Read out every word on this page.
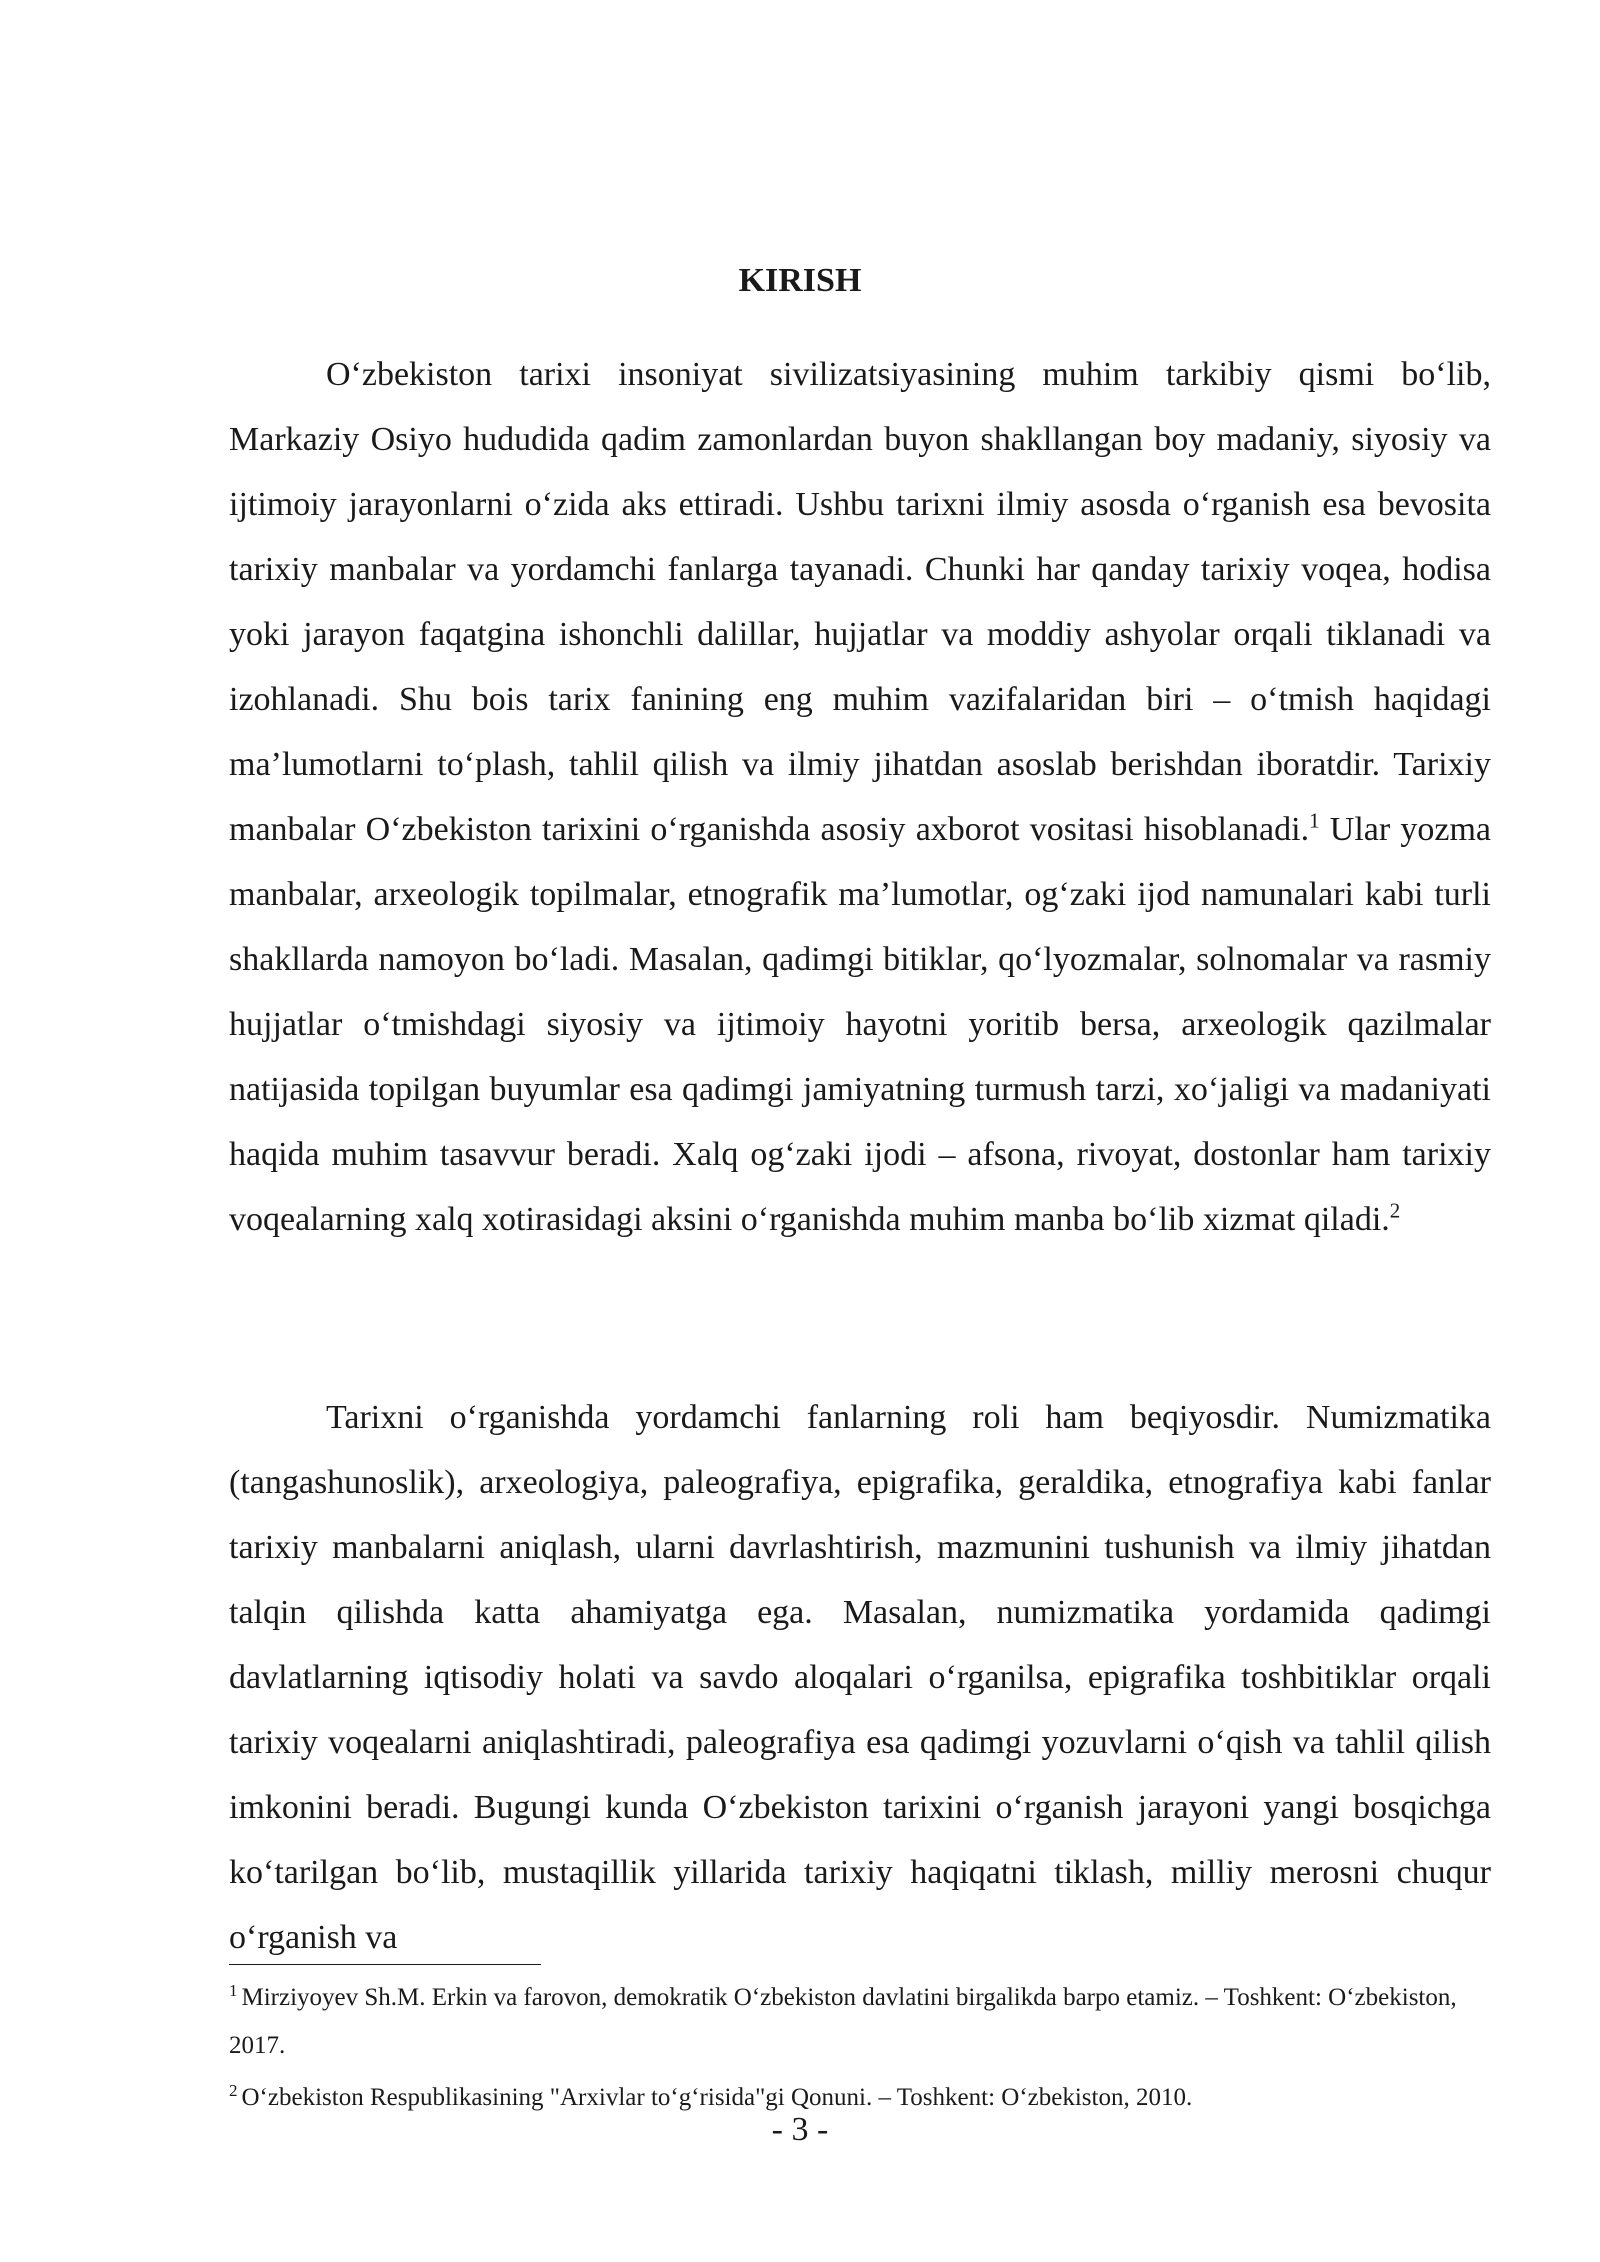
KIRISH

O‘zbekiston tarixi insoniyat sivilizatsiyasining muhim tarkibiy qismi bo‘lib, Markaziy Osiyo hududida qadim zamonlardan buyon shakllangan boy madaniy, siyosiy va ijtimoiy jarayonlarni o‘zida aks ettiradi. Ushbu tarixni ilmiy asosda o‘rganish esa bevosita tarixiy manbalar va yordamchi fanlarga tayanadi. Chunki har qanday tarixiy voqea, hodisa yoki jarayon faqatgina ishonchli dalillar, hujjatlar va moddiy ashyolar orqali tiklanadi va izohlanadi. Shu bois tarix fanining eng muhim vazifalaridan biri – o‘tmish haqidagi ma’lumotlarni to‘plash, tahlil qilish va ilmiy jihatdan asoslab berishdan iboratdir. Tarixiy manbalar O‘zbekiston tarixini o‘rganishda asosiy axborot vositasi hisoblanadi.$^1$ Ular yozma manbalar, arxeologik topilmalar, etnografik ma’lumotlar, og‘zaki ijod namunalari kabi turli shakllarda namoyon bo‘ladi. Masalan, qadimgi bitiklar, qo‘lyozmalar, solnomalar va rasmiy hujjatlar o‘tmishdagi siyosiy va ijtimoiy hayotni yoritib bersa, arxeologik qazilmalar natijasida topilgan buyumlar esa qadimgi jamiyatning turmush tarzi, xo‘jaligi va madaniyati haqida muhim tasavvur beradi. Xalq og‘zaki ijodi – afsona, rivoyat, dostonlar ham tarixiy voqealarning xalq xotirasidagi aksini o‘rganishda muhim manba bo‘lib xizmat qiladi.$^2$

Tarixni o‘rganishda yordamchi fanlarning roli ham beqiyosdir. Numizmatika (tangashunoslik), arxeologiya, paleografiya, epigrafika, geraldika, etnografiya kabi fanlar tarixiy manbalarni aniqlash, ularni davrlashtirish, mazmunini tushunish va ilmiy jihatdan talqin qilishda katta ahamiyatga ega. Masalan, numizmatika yordamida qadimgi davlatlarning iqtisodiy holati va savdo aloqalari o‘rganilsa, epigrafika toshbitiklar orqali tarixiy voqealarni aniqlashtiradi, paleografiya esa qadimgi yozuvlarni o‘qish va tahlil qilish imkonini beradi. Bugungi kunda O‘zbekiston tarixini o‘rganish jarayoni yangi bosqichga ko‘tarilgan bo‘lib, mustaqillik yillarida tarixiy haqiqatni tiklash, milliy merosni chuqur o‘rganish va

$^1$ Mirziyoyev Sh.M. Erkin va farovon, demokratik O‘zbekiston davlatini birgalikda barpo etamiz. – Toshkent: O‘zbekiston, 2017.

$^2$ O‘zbekiston Respublikasining "Arxivlar to‘g‘risida"gi Qonuni. – Toshkent: O‘zbekiston, 2010.

- 3 -
